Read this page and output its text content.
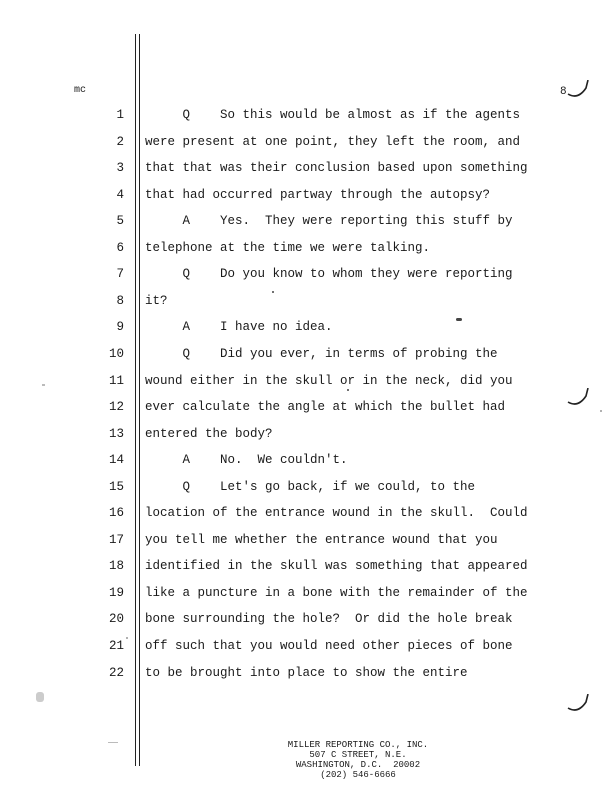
mc	8
1 Q    So this would be almost as if the agents
2 were present at one point, they left the room, and
3 that that was their conclusion based upon something
4 that had occurred partway through the autopsy?
5 A    Yes.  They were reporting this stuff by
6 telephone at the time we were talking.
7 Q    Do you know to whom they were reporting
8 it?
9 A    I have no idea.
10 Q    Did you ever, in terms of probing the
11 wound either in the skull or in the neck, did you
12 ever calculate the angle at which the bullet had
13 entered the body?
14 A    No.  We couldn't.
15 Q    Let's go back, if we could, to the
16 location of the entrance wound in the skull.  Could
17 you tell me whether the entrance wound that you
18 identified in the skull was something that appeared
19 like a puncture in a bone with the remainder of the
20 bone surrounding the hole?  Or did the hole break
21 off such that you would need other pieces of bone
22 to be brought into place to show the entire
MILLER REPORTING CO., INC.
507 C STREET, N.E.
WASHINGTON, D.C.  20002
(202) 546-6666
